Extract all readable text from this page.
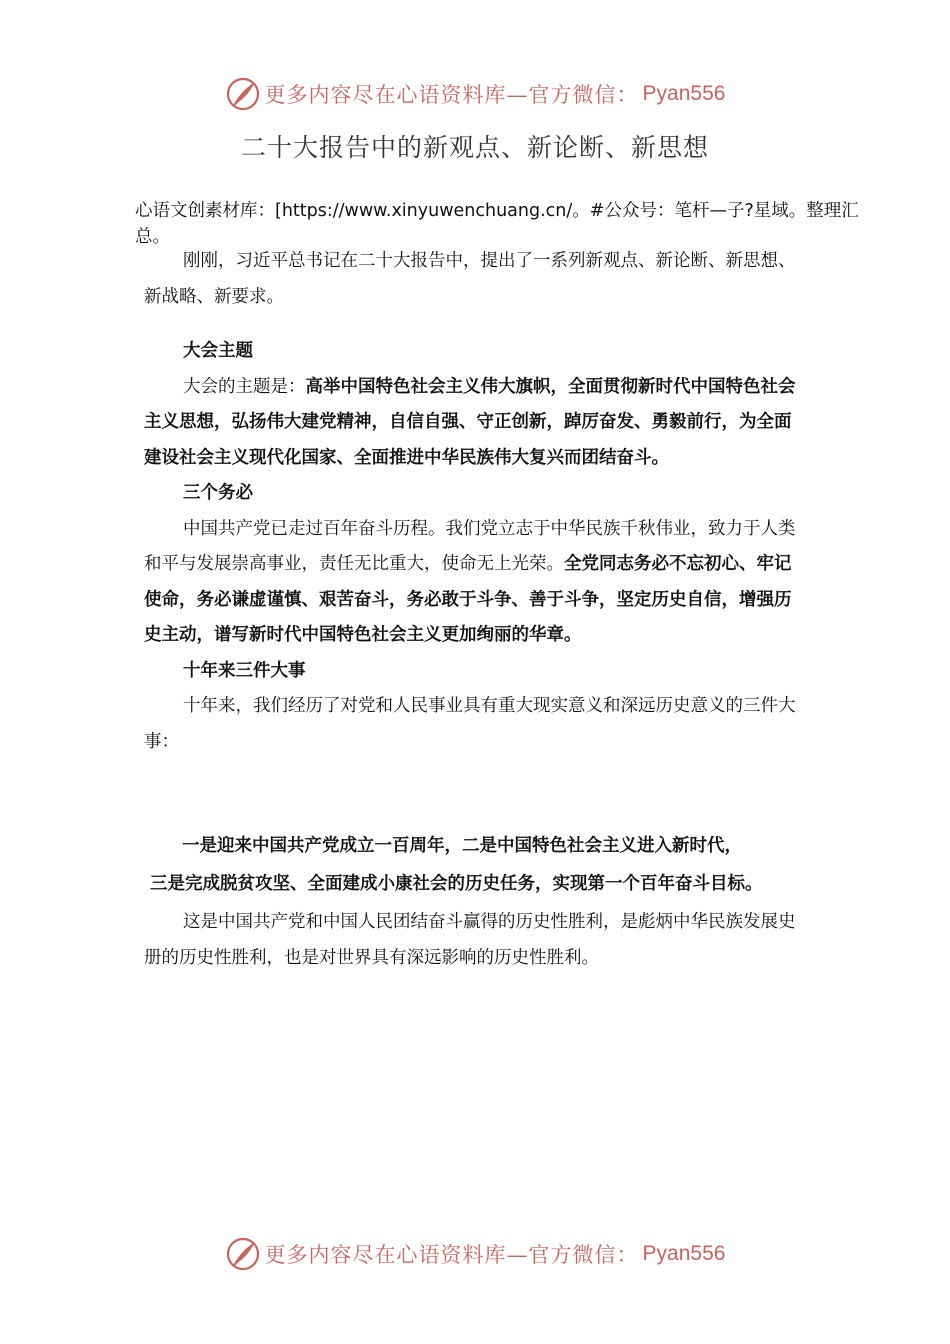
更多内容尽在心语资料库—官方微信： Pyan556
二十大报告中的新观点、新论断、新思想
心语文创素材库：[https://www.xinyuwenchuang.cn/。#公众号：笔杆—子?星域。整理汇总。

刚刚，习近平总书记在二十大报告中，提出了一系列新观点、新论断、新思想、新战略、新要求。

大会主题

大会的主题是：高举中国特色社会主义伟大旗帜，全面贯彻新时代中国特色社会主义思想，弘扬伟大建党精神，自信自强、守正创新，踔厉奋发、勇毅前行，为全面建设社会主义现代化国家、全面推进中华民族伟大复兴而团结奋斗。

三个务必

中国共产党已走过百年奋斗历程。我们党立志于中华民族千秋伟业，致力于人类和平与发展崇高事业，责任无比重大，使命无上光荣。全党同志务必不忘初心、牢记使命，务必谦虚谨慎、艰苦奋斗，务必敢于斗争、善于斗争，坚定历史自信，增强历史主动，谱写新时代中国特色社会主义更加绚丽的华章。

十年来三件大事

十年来，我们经历了对党和人民事业具有重大现实意义和深远历史意义的三件大事：

一是迎来中国共产党成立一百周年，二是中国特色社会主义进入新时代，
三是完成脱贫攻坚、全面建成小康社会的历史任务，实现第一个百年奋斗目标。

这是中国共产党和中国人民团结奋斗赢得的历史性胜利，是彪炳中华民族发展史册的历史性胜利，也是对世界具有深远影响的历史性胜利。

更多内容尽在心语资料库—官方微信： Pyan556
